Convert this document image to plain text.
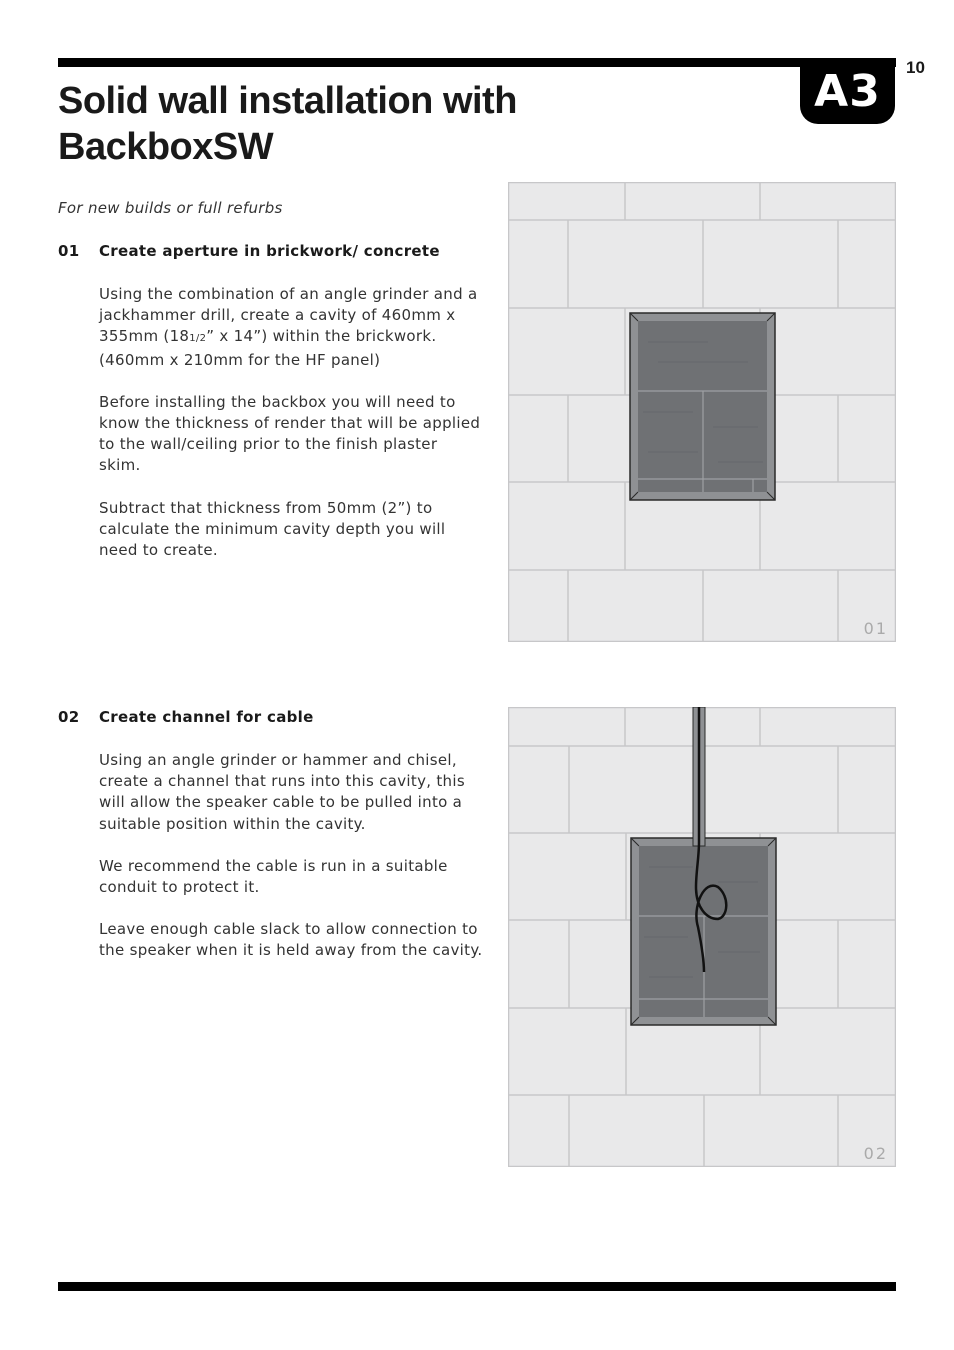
A3	10
Solid wall installation with
BackboxSW
For new builds or full refurbs
01	Create aperture in brickwork/ concrete

Using the combination of an angle grinder and a jackhammer drill, create a cavity of 460mm x 355mm (181/2” x 14”) within the brickwork. (460mm x 210mm for the HF panel)

Before installing the backbox you will need to know the thickness of render that will be applied to the wall/ceiling prior to the finish plaster skim.

Subtract that thickness from 50mm (2”) to calculate the minimum cavity depth you will need to create.

02	Create channel for cable

Using an angle grinder or hammer and chisel, create a channel that runs into this cavity, this will allow the speaker cable to be pulled into a suitable position within the cavity.

We recommend the cable is run in a suitable conduit to protect it.

Leave enough cable slack to allow connection to the speaker when it is held away from the cavity.

01
02
